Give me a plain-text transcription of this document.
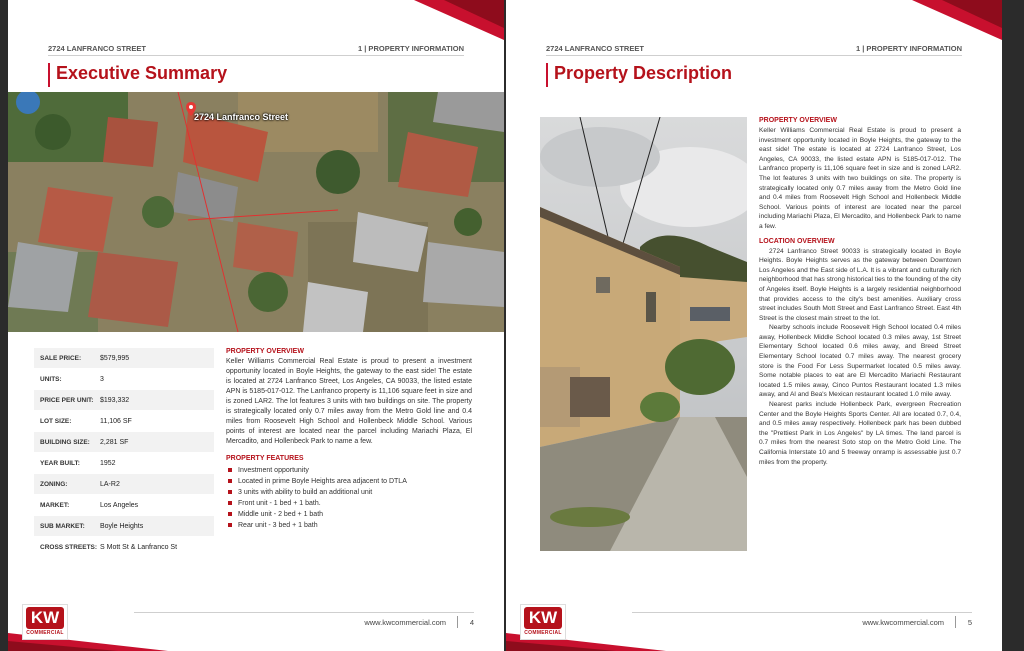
2724 LANFRANCO STREET	1 | PROPERTY INFORMATION
Executive Summary
2724 Lanfranco Street
SALE PRICE:	$579,995
UNITS:	3
PRICE PER UNIT: $193,332
LOT SIZE:	11,106 SF
BUILDING SIZE:	2,281 SF
YEAR BUILT:	1952
ZONING:	LA-R2
MARKET:	Los Angeles
SUB MARKET:	Boyle Heights
CROSS STREETS: S Mott St & Lanfranco St
PROPERTY OVERVIEW

Keller Williams Commercial Real Estate is proud to present a investment opportunity located in Boyle Heights, the gateway to the east side! The estate is located at 2724 Lanfranco Street, Los Angeles, CA 90033, the listed estate APN is 5185-017-012. The Lanfranco property is 11,106 square feet in size and is zoned LAR2. The lot features 3 units with two buildings on site. The property is strategically located only 0.7 miles away from the Metro Gold line and 0.4 miles from Roosevelt High School and Hollenbeck Middle School. Various points of interest are located near the parcel including Mariachi Plaza, El Mercadito, and Hollenbeck Park to name a few.

PROPERTY FEATURES
Investment opportunity
Located in prime Boyle Heights area adjacent to DTLA
3 units with ability to build an additional unit
Front unit - 1 bed + 1 bath.
Middle unit - 2 bed + 1 bath
Rear unit - 3 bed + 1 bath
www.kwcommercial.com	4
KW
COMMERCIAL
2724 LANFRANCO STREET	1 | PROPERTY INFORMATION
Property Description
PROPERTY OVERVIEW

Keller Williams Commercial Real Estate is proud to present a investment opportunity located in Boyle Heights, the gateway to the east side! The estate is located at 2724 Lanfranco Street, Los Angeles, CA 90033, the listed estate APN is 5185-017-012. The Lanfranco property is 11,106 square feet in size and is zoned LAR2. The lot features 3 units with two buildings on site. The property is strategically located only 0.7 miles away from the Metro Gold line and 0.4 miles from Roosevelt High School and Hollenbeck Middle School. Various points of interest are located near the parcel including Mariachi Plaza, El Mercadito, and Hollenbeck Park to name a few.

LOCATION OVERVIEW

2724 Lanfranco Street 90033 is strategically located in Boyle Heights. Boyle Heights serves as the gateway between Downtown Los Angeles and the East side of L.A. It is a vibrant and culturally rich neighborhood that has strong historical ties to the founding of the city of Angeles itself. Boyle Heights is a largely residential neighborhood that provides access to the city's best amenities. Auxiliary cross street includes South Mott Street and East Lanfranco Street. East 4th Street is the closest main street to the lot.

Nearby schools include Roosevelt High School located 0.4 miles away, Hollenbeck Middle School located 0.3 miles away, 1st Street Elementary School located 0.6 miles away, and Breed Street Elementary School located 0.7 miles away. The nearest grocery store is the Food For Less Supermarket located 0.5 miles away. Some notable places to eat are El Mercadito Mariachi Restaurant located 1.5 miles away, Cinco Puntos Restaurant located 1.3 miles away, and Al and Bea's Mexican restaurant located 1.0 mile away.

Nearest parks include Hollenbeck Park, evergreen Recreation Center and the Boyle Heights Sports Center. All are located 0.7, 0.4, and 0.5 miles away respectively. Hollenbeck park has been dubbed the "Prettiest Park in Los Angeles" by LA times. The land parcel is 0.7 miles from the nearest Soto stop on the Metro Gold Line. The California Interstate 10 and 5 freeway onramp is assessable just 0.7 miles from the property.

www.kwcommercial.com	5
KW
COMMERCIAL
